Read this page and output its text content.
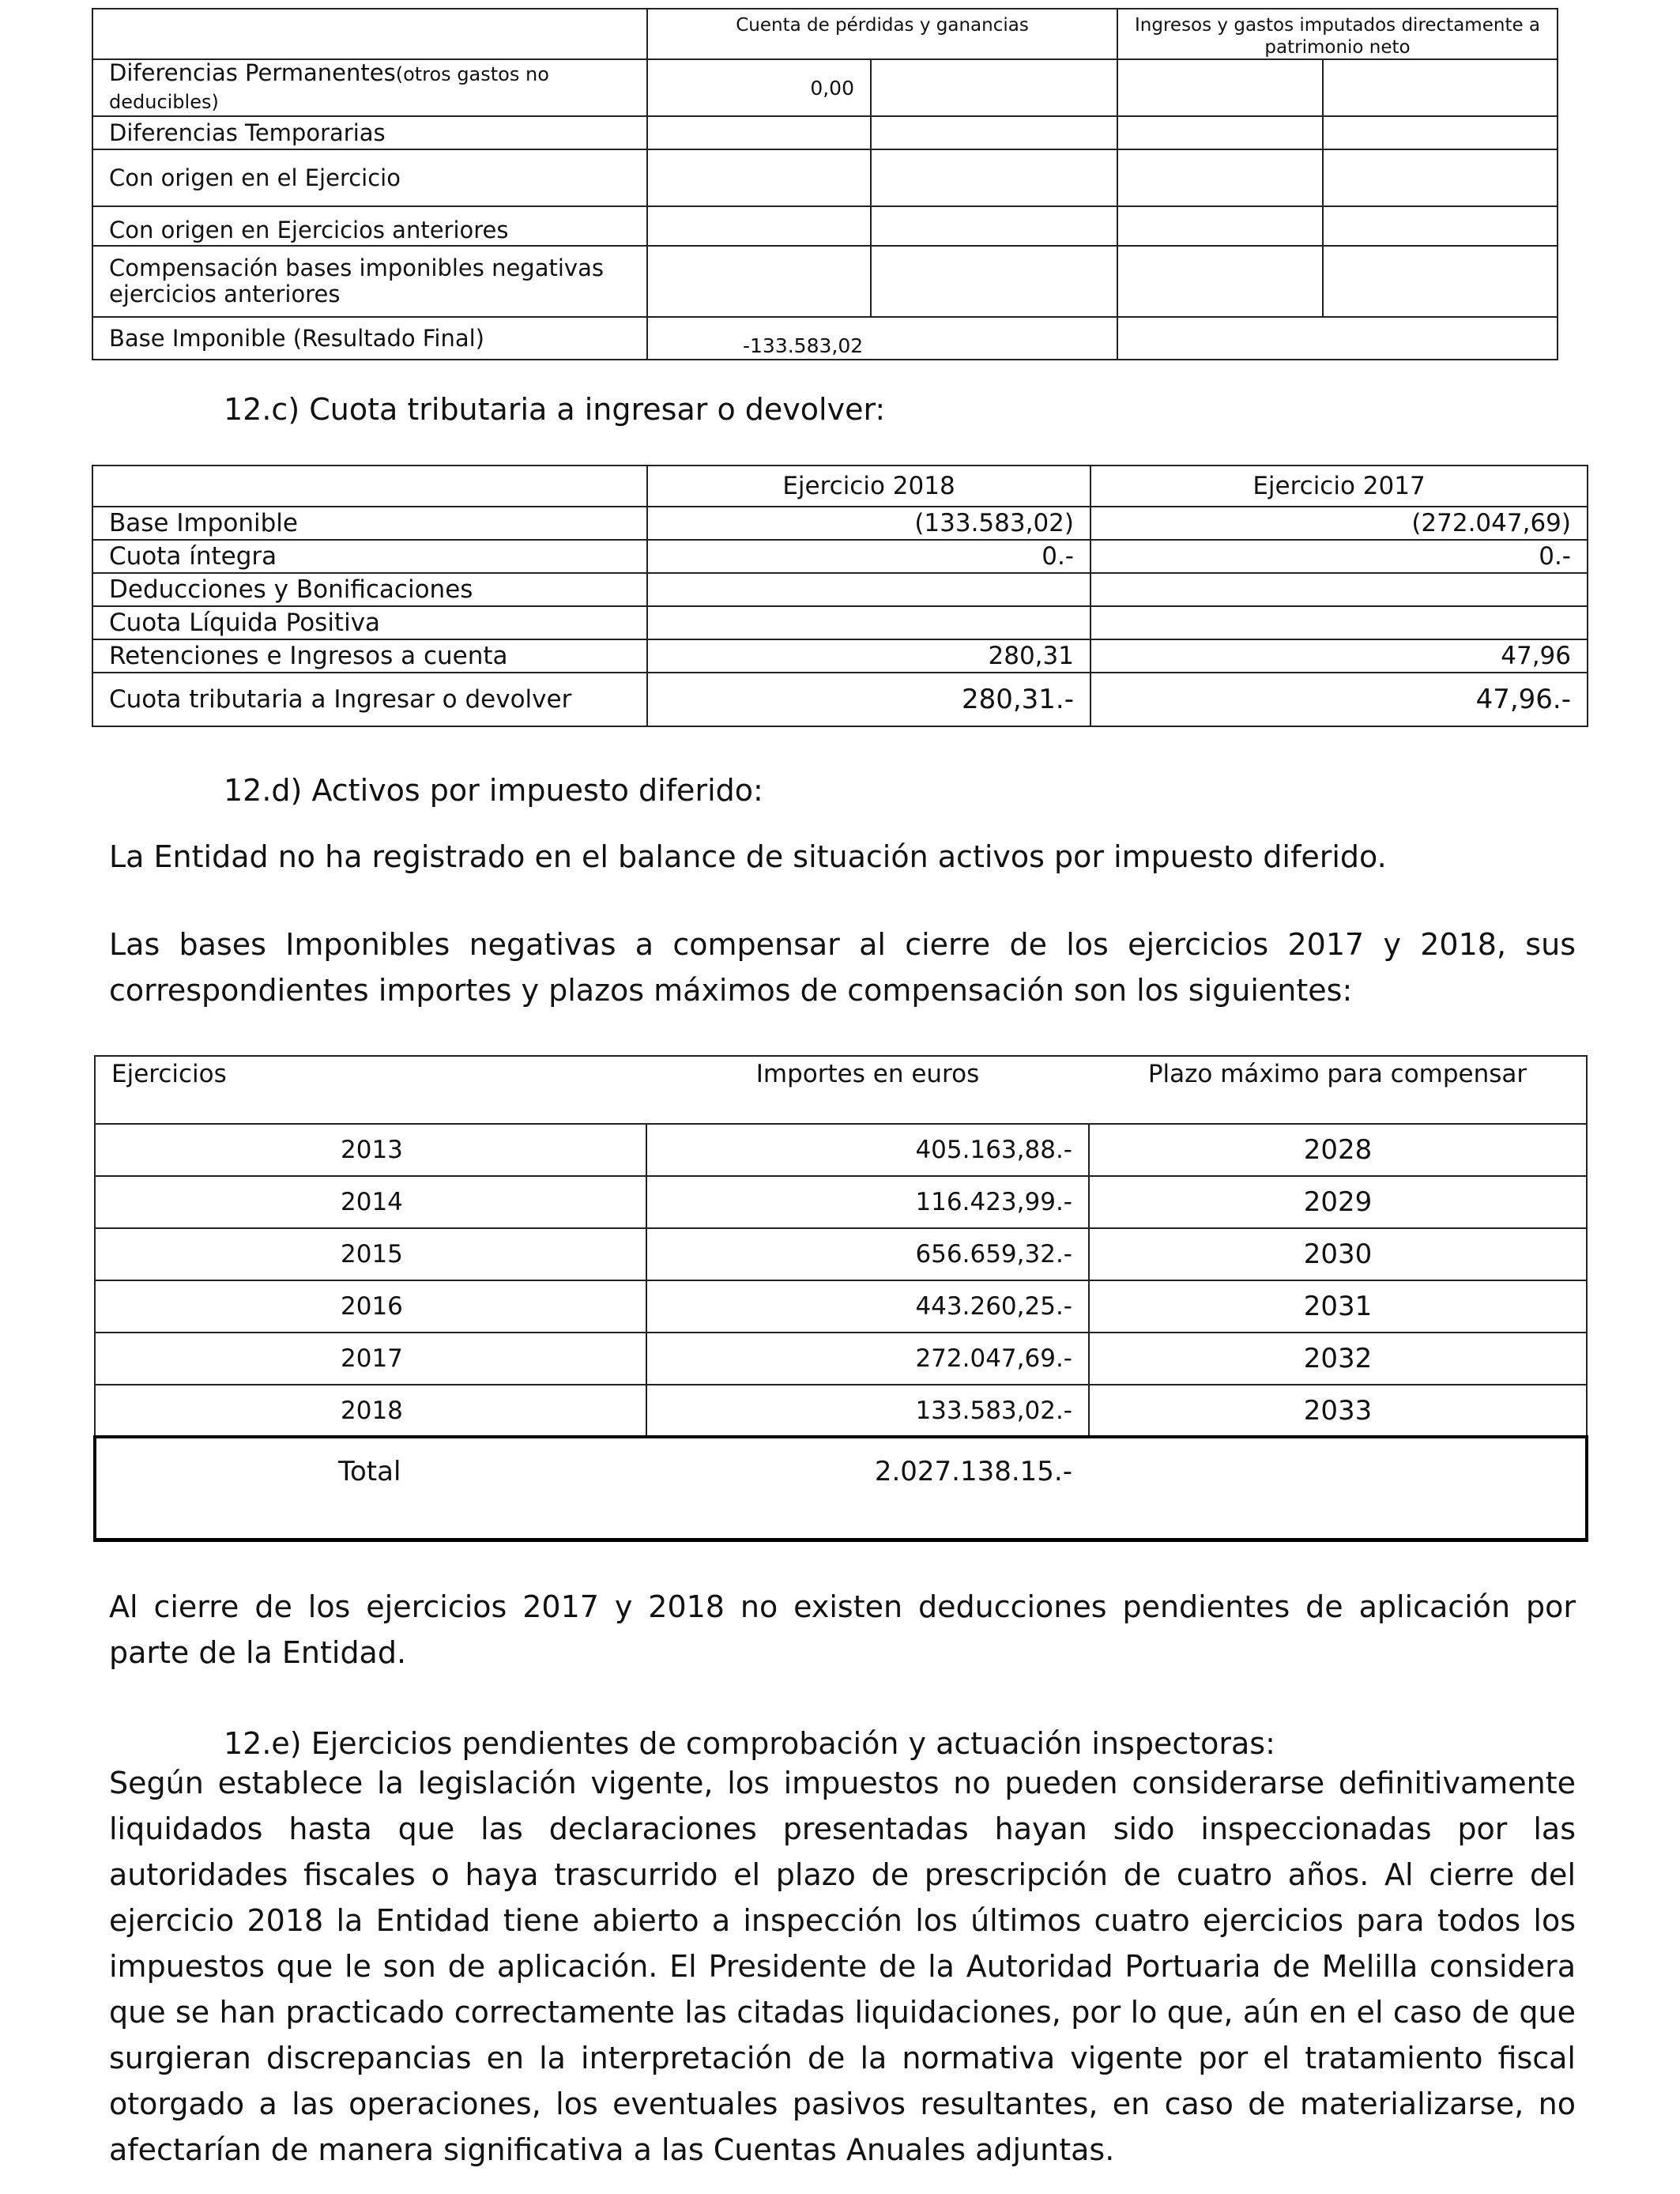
	Cuenta de pérdidas y ganancias		Ingresos y gastos imputados directamente a patrimonio neto	
Diferencias Permanentes(otros gastos no deducibles)	0,00			
Diferencias Temporarias				
Con origen en el Ejercicio				
Con origen en Ejercicios anteriores				
Compensación bases imponibles negativas ejercicios anteriores				
Base Imponible (Resultado Final)	-133.583,02			
12.c) Cuota tributaria a ingresar o devolver:
	Ejercicio 2018	Ejercicio 2017
Base Imponible	(133.583,02)	(272.047,69)
Cuota íntegra	0.-	0.-
Deducciones y Bonificaciones		
Cuota Líquida Positiva		
Retenciones e Ingresos a cuenta	280,31	47,96
Cuota tributaria a Ingresar o devolver	280,31.-	47,96.-
12.d) Activos por impuesto diferido:

La Entidad no ha registrado en el balance de situación activos por impuesto diferido.

Las bases Imponibles negativas a compensar al cierre de los ejercicios 2017 y 2018, sus correspondientes importes y plazos máximos de compensación son los siguientes:

Ejercicios	Importes en euros	Plazo máximo para compensar
2013	405.163,88.-	2028
2014	116.423,99.-	2029
2015	656.659,32.-	2030
2016	443.260,25.-	2031
2017	272.047,69.-	2032
2018	133.583,02.-	2033
Total	2.027.138.15.-	

Al cierre de los ejercicios 2017 y 2018 no existen deducciones pendientes de aplicación por parte de la Entidad.

12.e) Ejercicios pendientes de comprobación y actuación inspectoras:

Según establece la legislación vigente, los impuestos no pueden considerarse definitivamente liquidados hasta que las declaraciones presentadas hayan sido inspeccionadas por las autoridades fiscales o haya trascurrido el plazo de prescripción de cuatro años. Al cierre del ejercicio 2018 la Entidad tiene abierto a inspección los últimos cuatro ejercicios para todos los impuestos que le son de aplicación. El Presidente de la Autoridad Portuaria de Melilla considera que se han practicado correctamente las citadas liquidaciones, por lo que, aún en el caso de que surgieran discrepancias en la interpretación de la normativa vigente por el tratamiento fiscal otorgado a las operaciones, los eventuales pasivos resultantes, en caso de materializarse, no afectarían de manera significativa a las Cuentas Anuales adjuntas.
